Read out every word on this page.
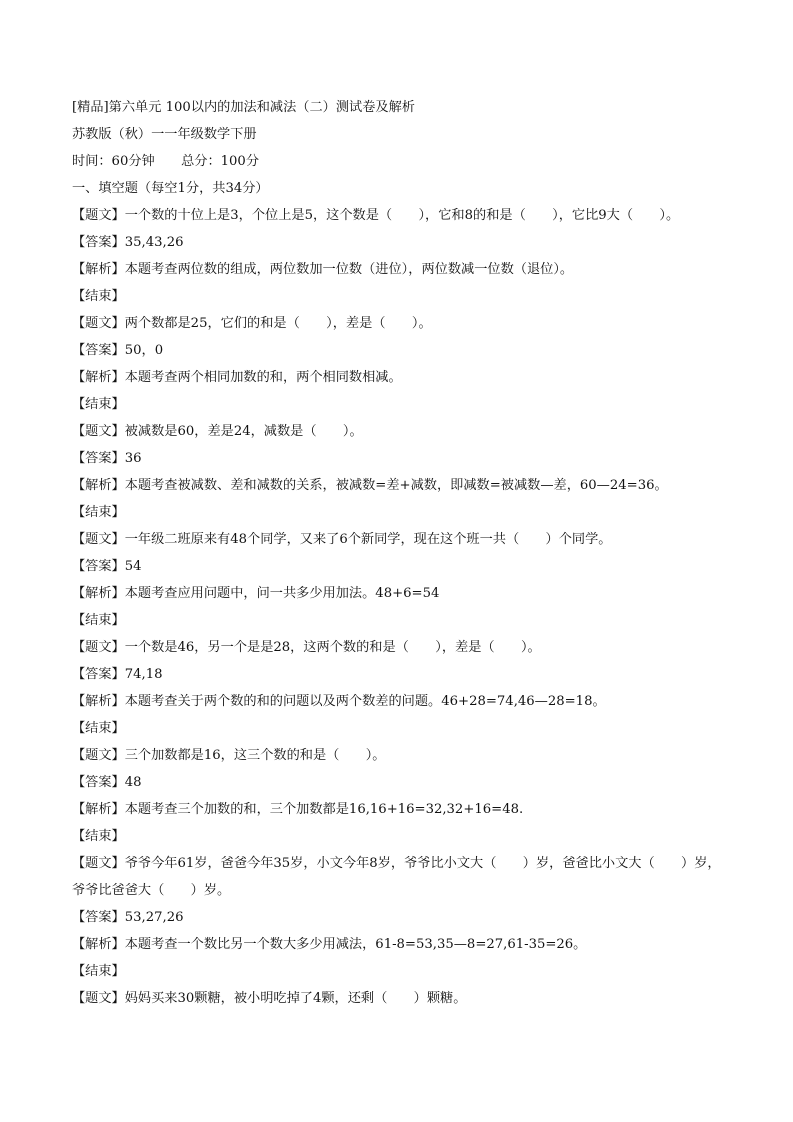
[精品]第六单元 100以内的加法和减法（二）测试卷及解析
苏教版（秋）一一年级数学下册
时间：60分钟　　总分：100分
一、填空题（每空1分，共34分）
【题文】一个数的十位上是3，个位上是5，这个数是（　　），它和8的和是（　　），它比9大（　　）。
【答案】35,43,26
【解析】本题考查两位数的组成，两位数加一位数（进位），两位数减一位数（退位）。
【结束】
【题文】两个数都是25，它们的和是（　　），差是（　　）。
【答案】50，0
【解析】本题考查两个相同加数的和，两个相同数相减。
【结束】
【题文】被减数是60，差是24，减数是（　　）。
【答案】36
【解析】本题考查被减数、差和减数的关系，被减数=差+减数，即减数=被减数—差，60—24=36。
【结束】
【题文】一年级二班原来有48个同学，又来了6个新同学，现在这个班一共（　　）个同学。
【答案】54
【解析】本题考查应用问题中，问一共多少用加法。48+6=54
【结束】
【题文】一个数是46，另一个是是28，这两个数的和是（　　），差是（　　）。
【答案】74,18
【解析】本题考查关于两个数的和的问题以及两个数差的问题。46+28=74,46—28=18。
【结束】
【题文】三个加数都是16，这三个数的和是（　　）。
【答案】48
【解析】本题考查三个加数的和，三个加数都是16,16+16=32,32+16=48.
【结束】
【题文】爷爷今年61岁，爸爸今年35岁，小文今年8岁，爷爷比小文大（　　）岁，爸爸比小文大（　　）岁，爷爷比爸爸大（　　）岁。
【答案】53,27,26
【解析】本题考查一个数比另一个数大多少用减法，61-8=53,35—8=27,61-35=26。
【结束】
【题文】妈妈买来30颗糖，被小明吃掉了4颗，还剩（　　）颗糖。
